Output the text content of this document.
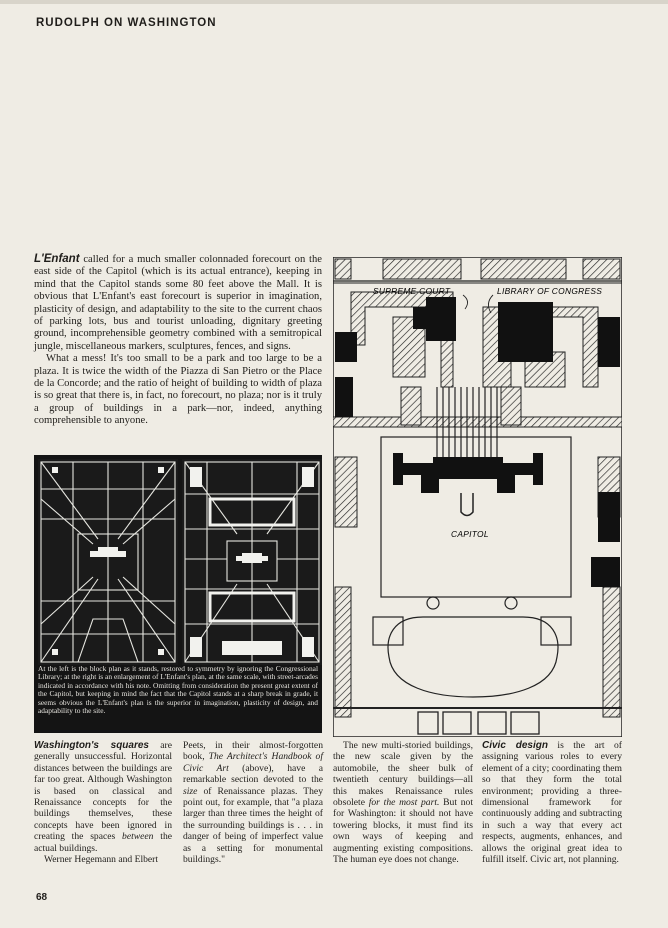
RUDOLPH ON WASHINGTON

L'Enfant called for a much smaller colonnaded forecourt on the east side of the Capitol (which is its actual entrance), keeping in mind that the Capitol stands some 80 feet above the Mall. It is obvious that L'Enfant's east forecourt is superior in imagination, plasticity of design, and adaptability to the site to the current chaos of parking lots, bus and tourist unloading, dignitary greeting ground, incomprehensible geometry combined with a semitropical jungle, miscellaneous markers, sculptures, fences, and signs.

What a mess! It's too small to be a park and too large to be a plaza. It is twice the width of the Piazza di San Pietro or the Place de la Concorde; and the ratio of height of building to width of plaza is so great that there is, in fact, no forecourt, no plaza; nor is it truly a group of buildings in a park—nor, indeed, anything comprehensible to anyone.

At the left is the block plan as it stands, restored to symmetry by ignoring the Congressional Library; at the right is an enlargement of L'Enfant's plan, at the same scale, with street-arcades indicated in accordance with his note. Omitting from consideration the present great extent of the Capitol, but keeping in mind the fact that the Capitol stands at a sharp break in grade, it seems obvious the L'Enfant's plan is the superior in imagination, plasticity of design, and adaptability to the site.
SUPREME COURT	LIBRARY OF CONGRESS
CAPITOL

Washington's squares are generally unsuccessful. Horizontal distances between the buildings are far too great. Although Washington is based on classical and Renaissance concepts for the buildings themselves, these concepts have been ignored in creating the spaces between the actual buildings.

Werner Hegemann and Elbert

Peets, in their almost-forgotten book, The Architect's Handbook of Civic Art (above), have a remarkable section devoted to the size of Renaissance plazas. They point out, for example, that "a plaza larger than three times the height of the surrounding buildings is . . . in danger of being of imperfect value as a setting for monumental buildings."

The new multi-storied buildings, the new scale given by the automobile, the sheer bulk of twentieth century buildings—all this makes Renaissance rules obsolete for the most part. But not for Washington: it should not have towering blocks, it must find its own ways of keeping and augmenting existing compositions. The human eye does not change.

Civic design is the art of assigning various roles to every element of a city; coordinating them so that they form the total environment; providing a three-dimensional framework for continuously adding and subtracting in such a way that every act respects, augments, enhances, and allows the original great idea to fulfill itself. Civic art, not planning.

68
